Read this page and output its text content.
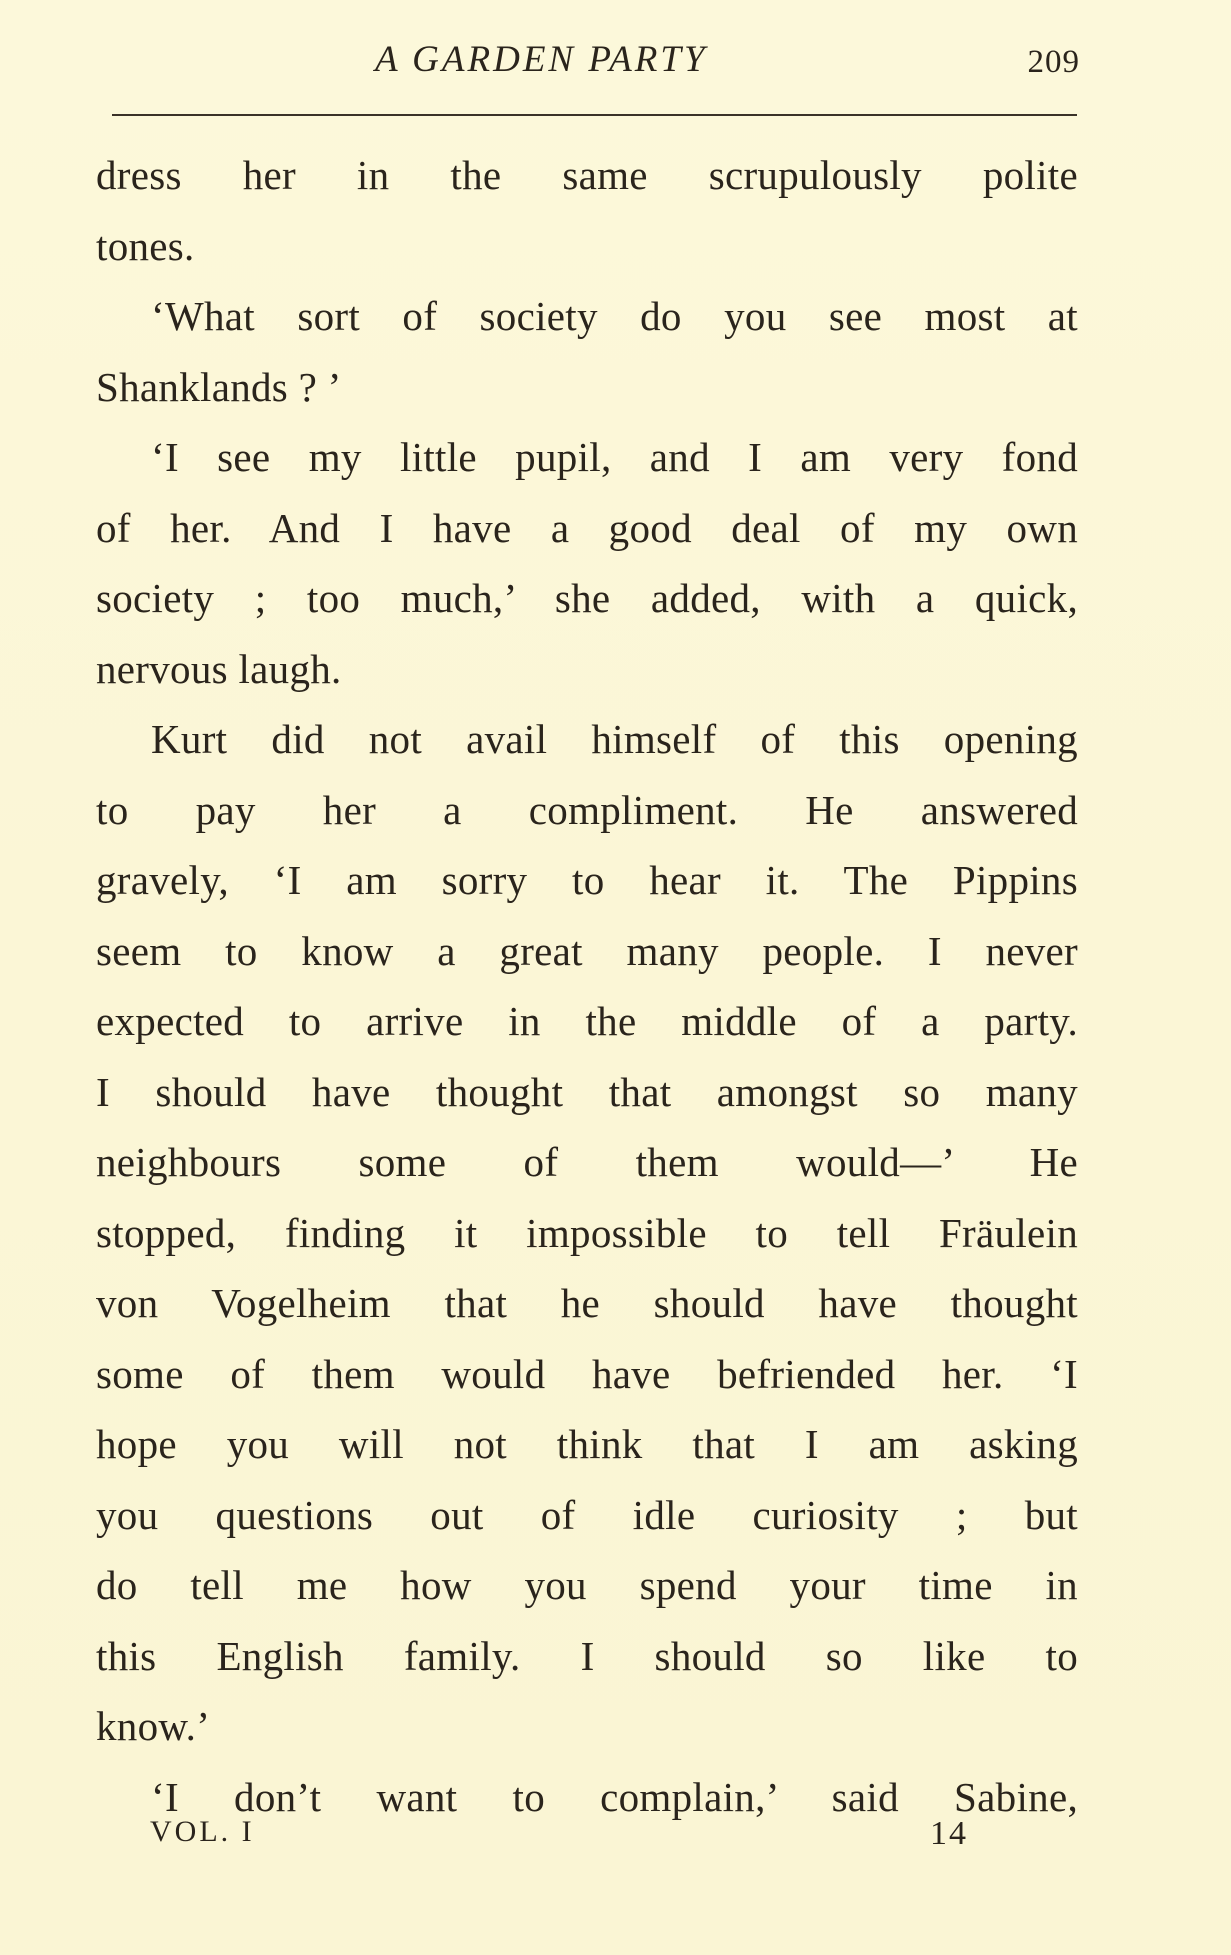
A GARDEN PARTY	209
dress her in the same scrupulously polite
tones.
‘What sort of society do you see most at
Shanklands ? ’
‘I see my little pupil, and I am very fond
of her. And I have a good deal of my own
society ; too much,’ she added, with a quick,
nervous laugh.
Kurt did not avail himself of this opening
to pay her a compliment. He answered
gravely, ‘I am sorry to hear it. The Pippins
seem to know a great many people. I never
expected to arrive in the middle of a party.
I should have thought that amongst so many
neighbours some of them would—’ He
stopped, finding it impossible to tell Fräulein
von Vogelheim that he should have thought
some of them would have befriended her. ‘I
hope you will not think that I am asking
you questions out of idle curiosity ; but
do tell me how you spend your time in
this English family. I should so like to
know.’
‘I don’t want to complain,’ said Sabine,
VOL. I	14
